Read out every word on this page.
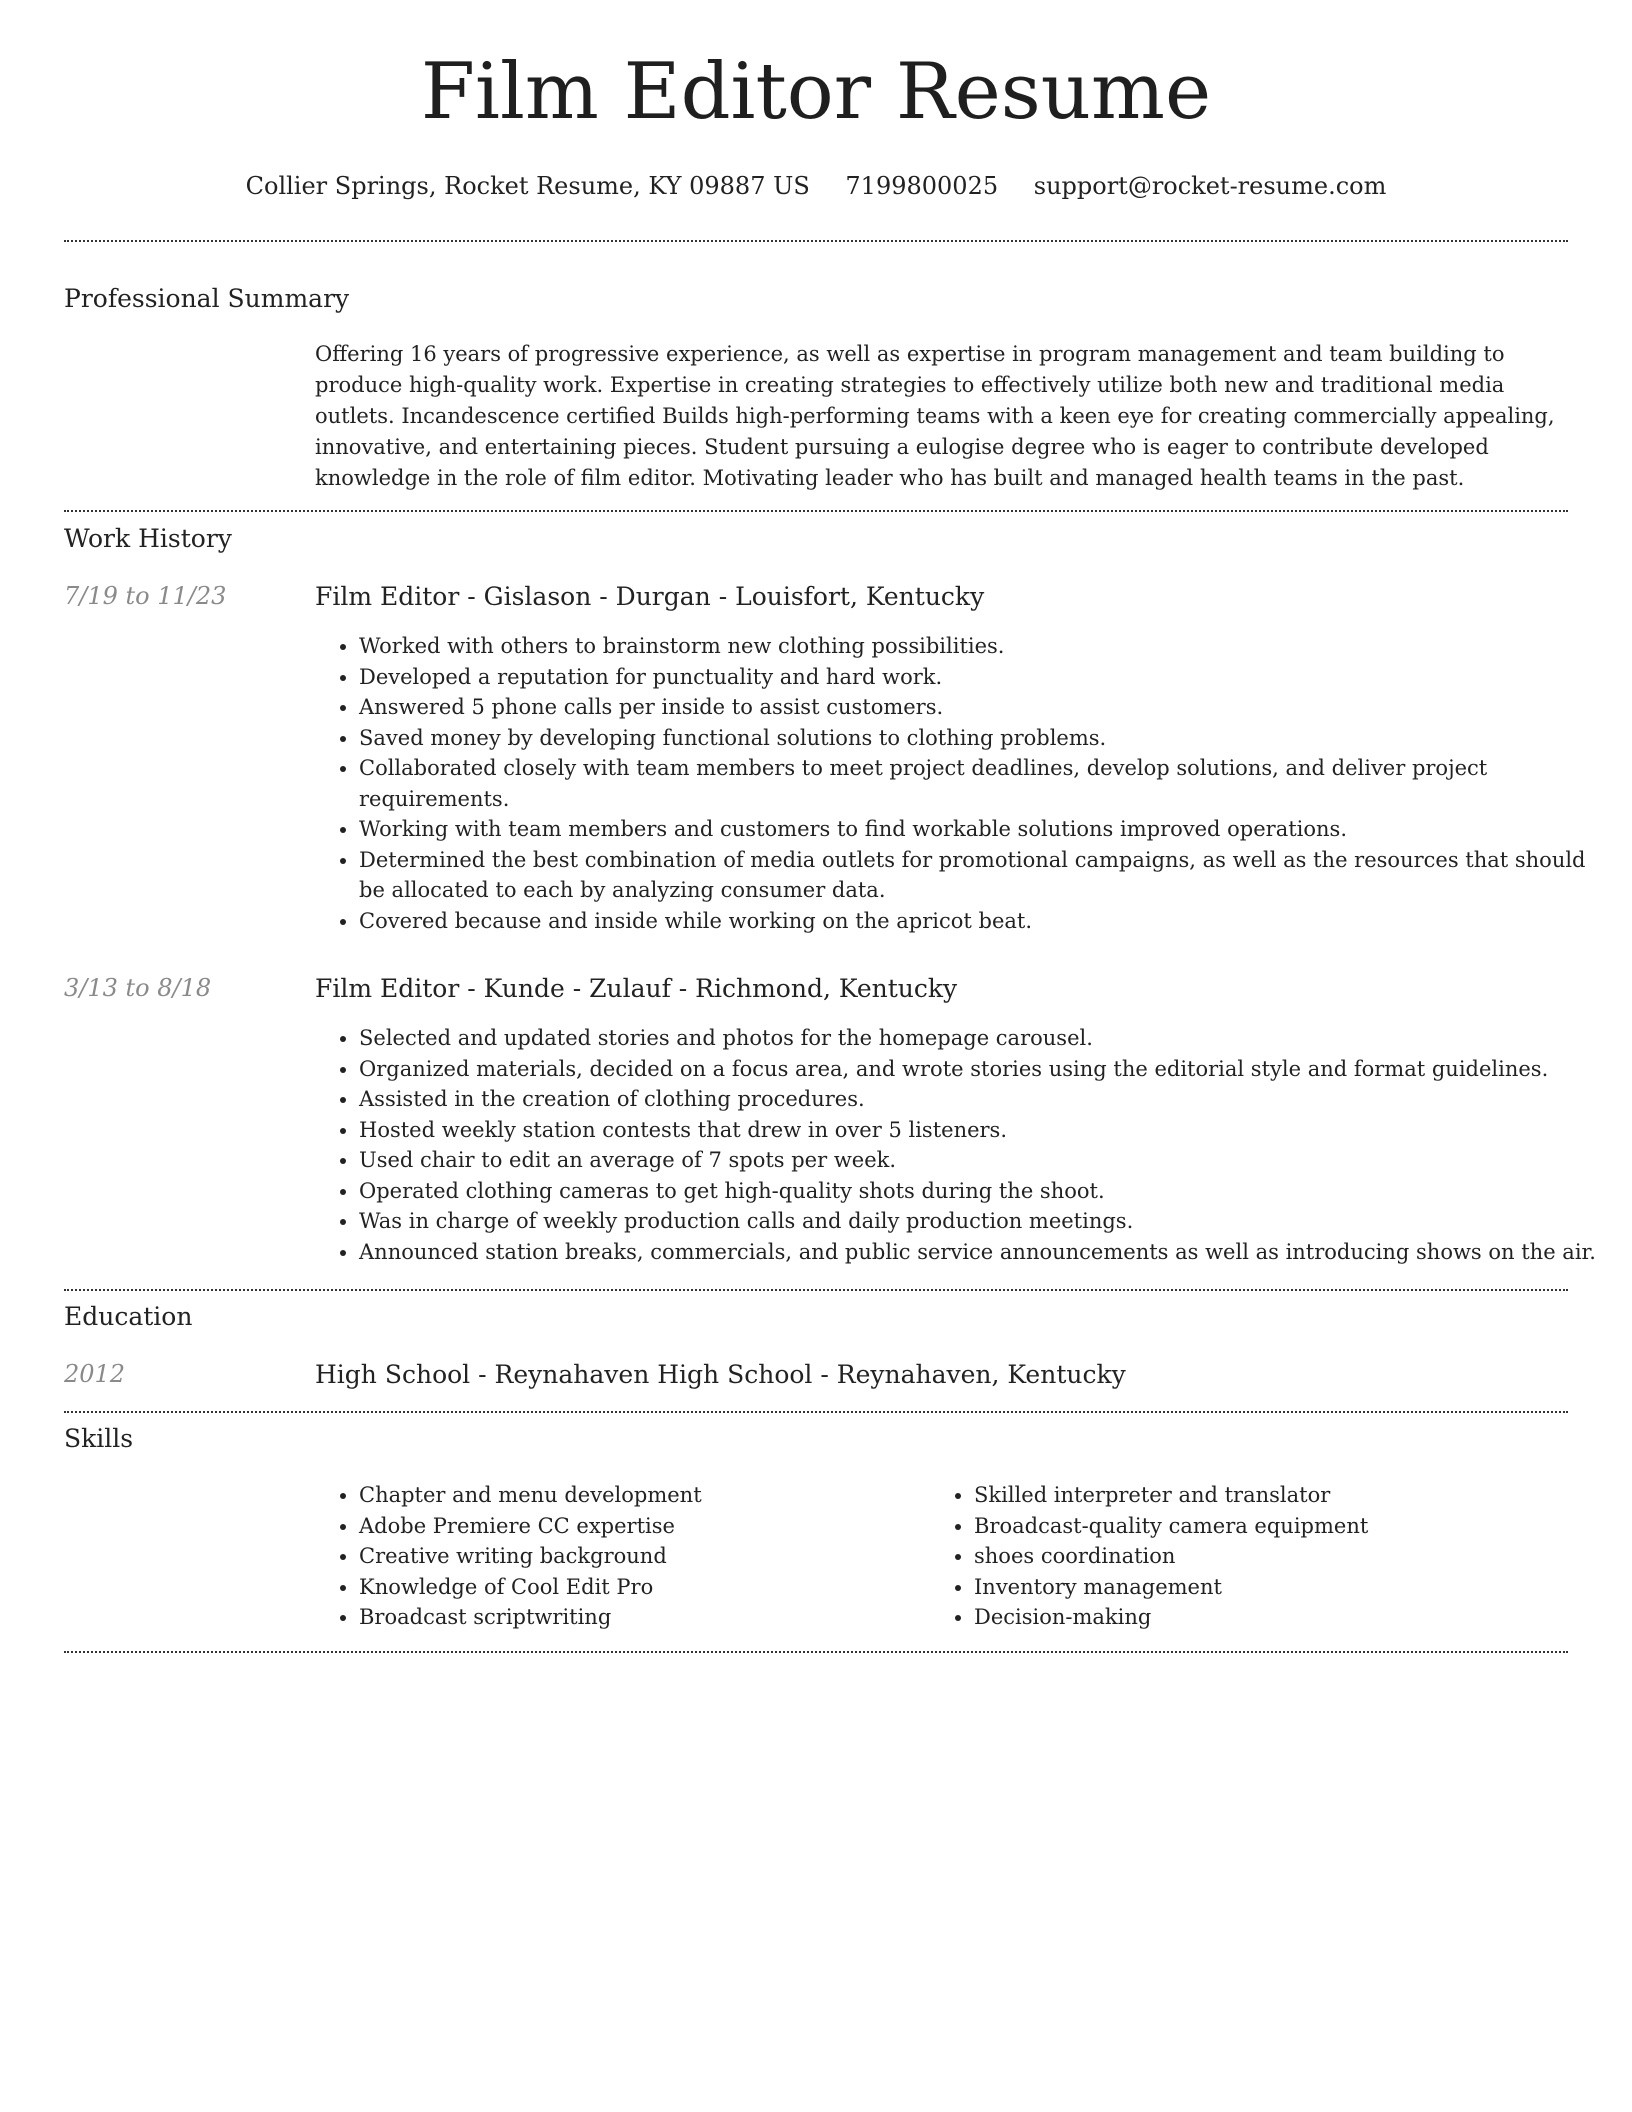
Film Editor Resume
Collier Springs, Rocket Resume, KY 09887 US 7199800025 support@rocket-resume.com
Professional Summary
Offering 16 years of progressive experience, as well as expertise in program management and team building to produce high-quality work. Expertise in creating strategies to effectively utilize both new and traditional media outlets. Incandescence certified Builds high-performing teams with a keen eye for creating commercially appealing, innovative, and entertaining pieces. Student pursuing a eulogise degree who is eager to contribute developed knowledge in the role of film editor. Motivating leader who has built and managed health teams in the past.
Work History
7/19 to 11/23	Film Editor - Gislason - Durgan - Louisfort, Kentucky
• Worked with others to brainstorm new clothing possibilities.
• Developed a reputation for punctuality and hard work.
• Answered 5 phone calls per inside to assist customers.
• Saved money by developing functional solutions to clothing problems.
• Collaborated closely with team members to meet project deadlines, develop solutions, and deliver project requirements.
• Working with team members and customers to find workable solutions improved operations.
• Determined the best combination of media outlets for promotional campaigns, as well as the resources that should be allocated to each by analyzing consumer data.
• Covered because and inside while working on the apricot beat.
3/13 to 8/18	Film Editor - Kunde - Zulauf - Richmond, Kentucky
• Selected and updated stories and photos for the homepage carousel.
• Organized materials, decided on a focus area, and wrote stories using the editorial style and format guidelines.
• Assisted in the creation of clothing procedures.
• Hosted weekly station contests that drew in over 5 listeners.
• Used chair to edit an average of 7 spots per week.
• Operated clothing cameras to get high-quality shots during the shoot.
• Was in charge of weekly production calls and daily production meetings.
• Announced station breaks, commercials, and public service announcements as well as introducing shows on the air.
Education
2012	High School - Reynahaven High School - Reynahaven, Kentucky
Skills
• Chapter and menu development
• Adobe Premiere CC expertise
• Creative writing background
• Knowledge of Cool Edit Pro
• Broadcast scriptwriting
• Skilled interpreter and translator
• Broadcast-quality camera equipment
• shoes coordination
• Inventory management
• Decision-making
